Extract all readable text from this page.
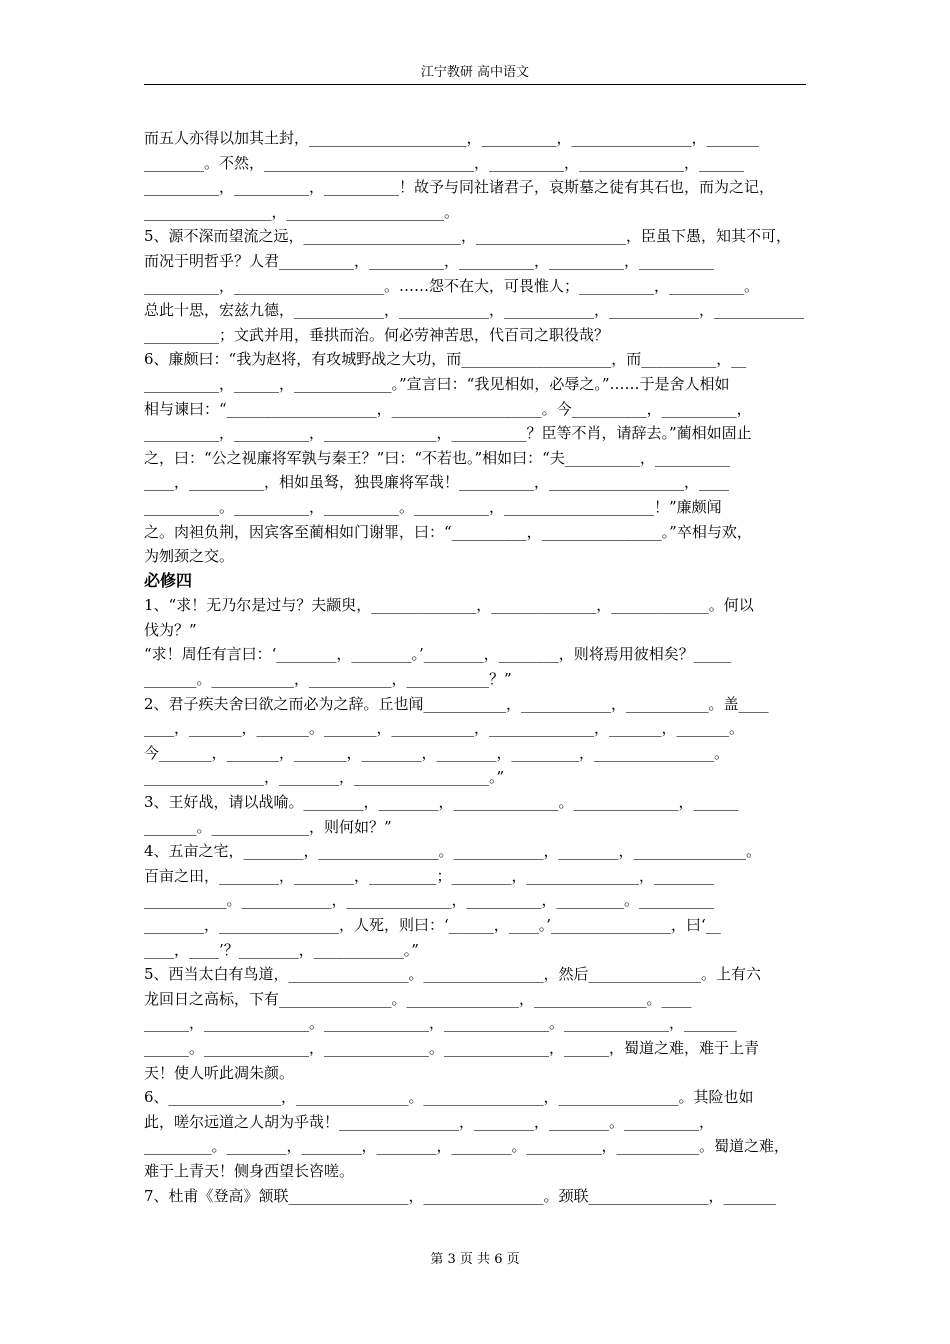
江宁教研 高中语文
而五人亦得以加其土封，_____________________，__________，________________，_______
________。不然，____________________________，__________，______________，______
__________，__________，__________！故予与同社诸君子，哀斯墓之徒有其石也，而为之记，
_________________，_____________________。
5、源不深而望流之远，_____________________，____________________，臣虽下愚，知其不可，
而况于明哲乎？人君__________，__________，__________，__________，__________
__________，____________________。……怨不在大，可畏惟人；__________，__________。
总此十思，宏兹九德，____________，____________，____________，____________，____________
__________；文武并用，垂拱而治。何必劳神苦思，代百司之职役哉？
6、廉颇曰：“我为赵将，有攻城野战之大功，而____________________，而__________，__
__________，______，_____________。”宣言曰：“我见相如，必辱之。”……于是舍人相如
相与谏曰：“____________________，____________________。今__________，__________，
__________，__________，_______________，__________？臣等不肖，请辞去。”蔺相如固止
之，曰：“公之视廉将军孰与秦王？”曰：“不若也。”相如曰：“夫__________，__________
____，__________，相如虽驽，独畏廉将军哉！__________，__________________，____
__________。__________，__________。__________，____________________！”廉颇闻
之。肉袒负荆，因宾客至蔺相如门谢罪，曰：“__________，________________。”卒相与欢，
为刎颈之交。
必修四
1、“求！无乃尔是过与？夫颛臾，______________，______________，_____________。何以
伐为？”
“求！周任有言曰：‘________，________。’________，________，则将焉用彼相矣？_____
_______。___________，___________，___________？”
2、君子疾夫舍曰欲之而必为之辞。丘也闻___________，____________，___________。盖____
____，_______，_______。_______，___________，______________，_______，_______。
今_______，_______，_______，________，________，_________，________________。
________________，________，__________________。”
3、王好战，请以战喻。________，________，______________。______________，______
_______。_____________，则何如？”
4、五亩之宅，________，________________。____________，________，_______________。
百亩之田，________，________，_________；________，_______________，________
___________。____________，______________，__________，_________。__________
________，________________，人死，则曰：‘______，____。’________________，曰‘__
____，____’？________，____________。”
5、西当太白有鸟道，________________。________________，然后_______________。上有六
龙回日之高标，下有_______________。_______________，_______________。____
______，______________。______________，______________。______________，_______
______。______________，______________。______________，______，蜀道之难，难于上青
天！使人听此凋朱颜。
6、_______________，_______________。________________，________________。其险也如
此，嗟尔远道之人胡为乎哉！________________，________，________。__________，
_________。________，________，________，________。__________，___________。蜀道之难，
难于上青天！侧身西望长咨嗟。
7、杜甫《登高》颔联________________，________________。颈联________________，_______
第 3 页 共 6 页
